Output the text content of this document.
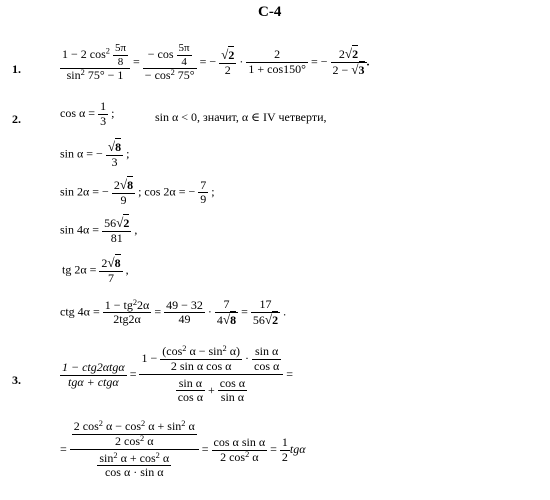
С-4
1.	$\frac{1 - 2 \cos^2 \frac{5\pi}{8}}{\sin^2 75^\circ - 1} = \frac{- \cos \frac{5\pi}{4}}{- \cos^2 75^\circ}$ = − $\frac{√2}{2} \cdot \frac{2}{1 + \cos 150^\circ}$ = − $\frac{2√2}{2 - √3}$ .
2.	$\cos \alpha = \frac{1}{3}$ ;	sin α < 0, значит, α ∈ IV четверти,
sin α = − $\frac{√8}{3}$ ;
sin 2α = − $\frac{2√8}{9}$ ; cos 2α = − $\frac{7}{9}$ ;
$\sin 4\alpha = \frac{56√2}{81}$ ,
tg $2\alpha = \frac{2√8}{7}$ ,
ctg $4\alpha = \frac{1 - tg^22\alpha}{2tg2\alpha} = \frac{49 - 32}{49} \cdot \frac{7}{4√8} = \frac{17}{56√2}$ .
3.	$\frac{\text{1 − ctg2αtgα}}{\text{tgα + ctgα}}$ =
$1 - \frac{(\cos^2 \alpha - \sin^2 \alpha)}{\text{2 sin α cos α}} \cdot \frac{\text{sin α}}{\text{cos α}}$
$\frac{\text{sin α}}{\text{cos α}} + \frac{\text{cos α}}{\text{sin α}}$
=
= $\frac{\frac{2 \cos^2 \alpha - \cos^2 \alpha + \sin^2 \alpha}{2 \cos^2 \alpha}}{\frac{\sin^2 \alpha + \cos^2 \alpha}{\text{cos α · sin α}}} = \frac{\text{cos α sin α}}{2 \cos^2 \alpha} = \frac{1}{2}$ tgα
